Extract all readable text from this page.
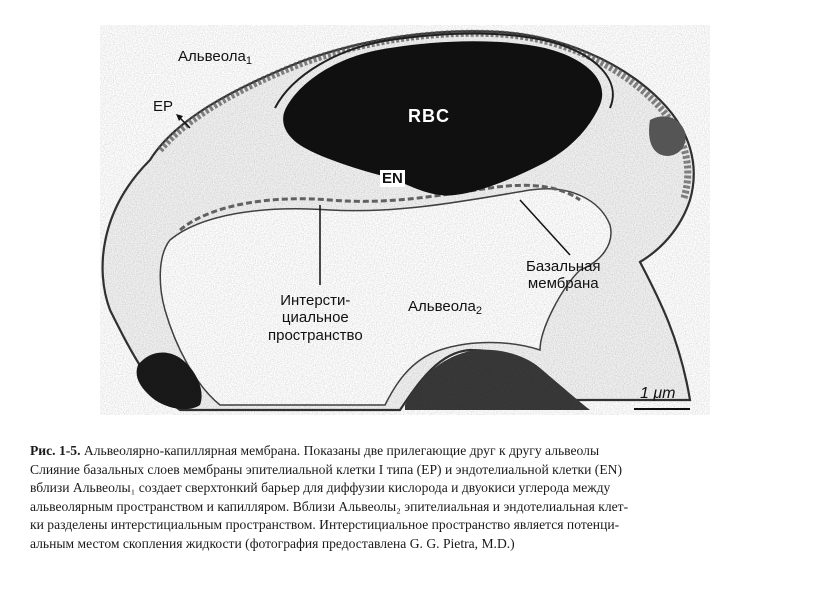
Альвеола$_1$
EP	RBC
EN
Интерсти-
циальное
пространство
Альвеола$_2$
Базальная
мембрана
1 μm
Рис. 1-5. Альвеолярно-капиллярная мембрана. Показаны две прилегающие друг к другу альвеолы
Слияние базальных слоев мембраны эпителиальной клетки I типа (EP) и эндотелиальной клетки (EN)
вблизи Альвеолы₁ создает сверхтонкий барьер для диффузии кислорода и двуокиси углерода между
альвеолярным пространством и капилляром. Вблизи Альвеолы₂ эпителиальная и эндотелиальная клет-
ки разделены интерстициальным пространством. Интерстициальное пространство является потенци-
альным местом скопления жидкости (фотография предоставлена G. G. Pietra, M.D.)
